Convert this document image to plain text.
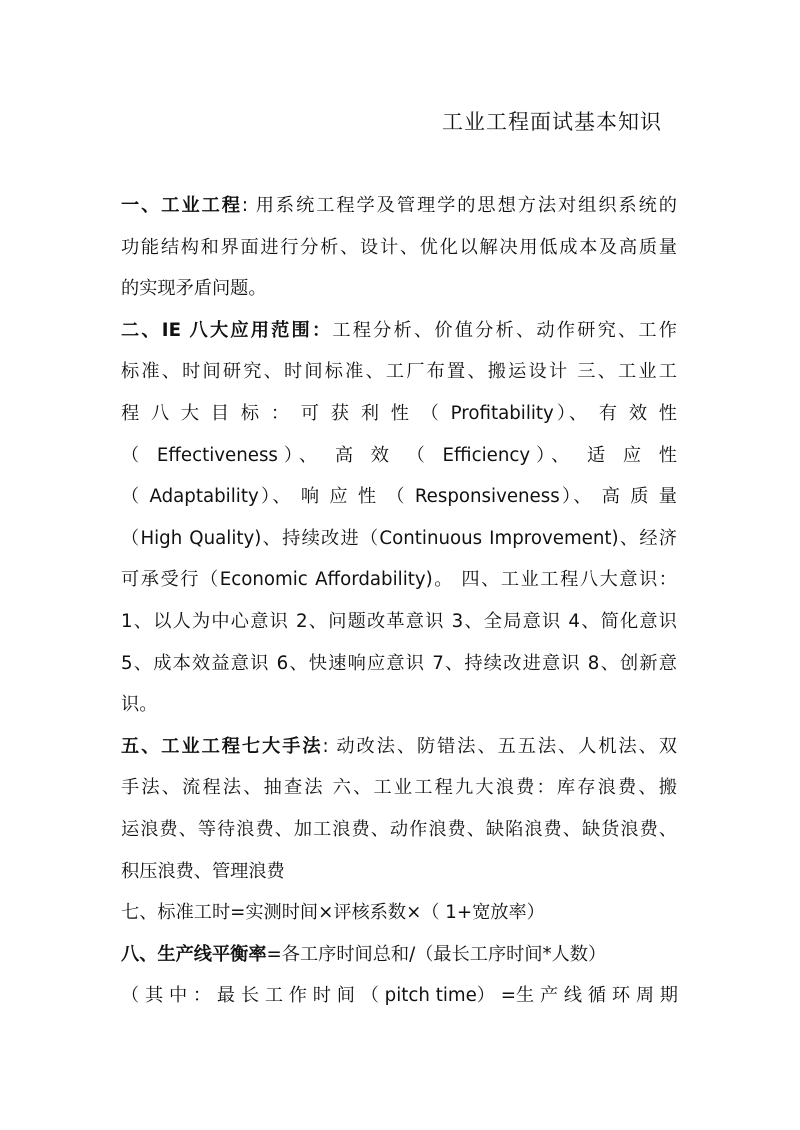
工业工程面试基本知识
一、工业工程: 用系统工程学及管理学的思想方法对组织系统的
功能结构和界面进行分析、设计、优化以解决用低成本及高质量
的实现矛盾问题。
二、IE 八大应用范围：工程分析、价值分析、动作研究、工作
标准、时间研究、时间标准、工厂布置、搬运设计 三、工业工
程 八 大 目 标 ： 可 获 利 性 （ Profitability）、 有 效 性
（ Effectiveness）、 高 效 （ Efficiency）、 适 应 性
（ Adaptability）、 响 应 性 （ Responsiveness）、 高 质 量
（High Quality)、持续改进（Continuous Improvement)、经济
可承受行（Economic Affordability)。 四、工业工程八大意识：
1、以人为中心意识 2、问题改革意识 3、全局意识 4、简化意识
5、成本效益意识 6、快速响应意识 7、持续改进意识 8、创新意
识。
五、工业工程七大手法: 动改法、防错法、五五法、人机法、双
手法、流程法、抽查法 六、工业工程九大浪费：库存浪费、搬
运浪费、等待浪费、加工浪费、动作浪费、缺陷浪费、缺货浪费、
积压浪费、管理浪费
七、标准工时=实测时间×评核系数×（ 1+宽放率）
八、生产线平衡率=各工序时间总和/（最长工序时间*人数）
（ 其 中 ： 最 长 工 作 时 间 （ pitch time） =生 产 线 循 环 周 期
